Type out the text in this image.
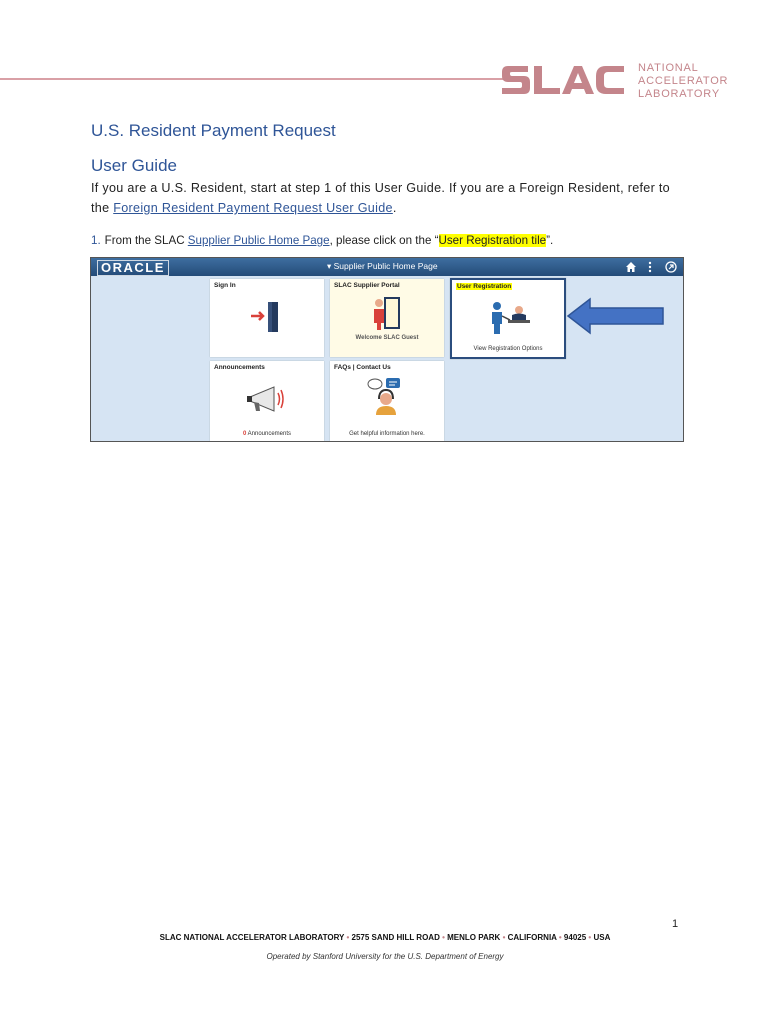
NATIONAL
ACCELERATOR
LABORATORY
U.S. Resident Payment Request
User Guide
If you are a U.S. Resident, start at step 1 of this User Guide. If you are a Foreign Resident, refer to the Foreign Resident Payment Request User Guide.
1. From the SLAC Supplier Public Home Page, please click on the “User Registration tile”.
ORACLE	▾ Supplier Public Home Page
Sign In	SLAC Supplier Portal
Welcome SLAC Guest
User Registration
View Registration Options
Announcements
0 Announcements
FAQs | Contact Us
Get helpful information here.
1
SLAC NATIONAL ACCELERATOR LABORATORY • 2575 SAND HILL ROAD • MENLO PARK • CALIFORNIA • 94025 • USA
Operated by Stanford University for the U.S. Department of Energy
